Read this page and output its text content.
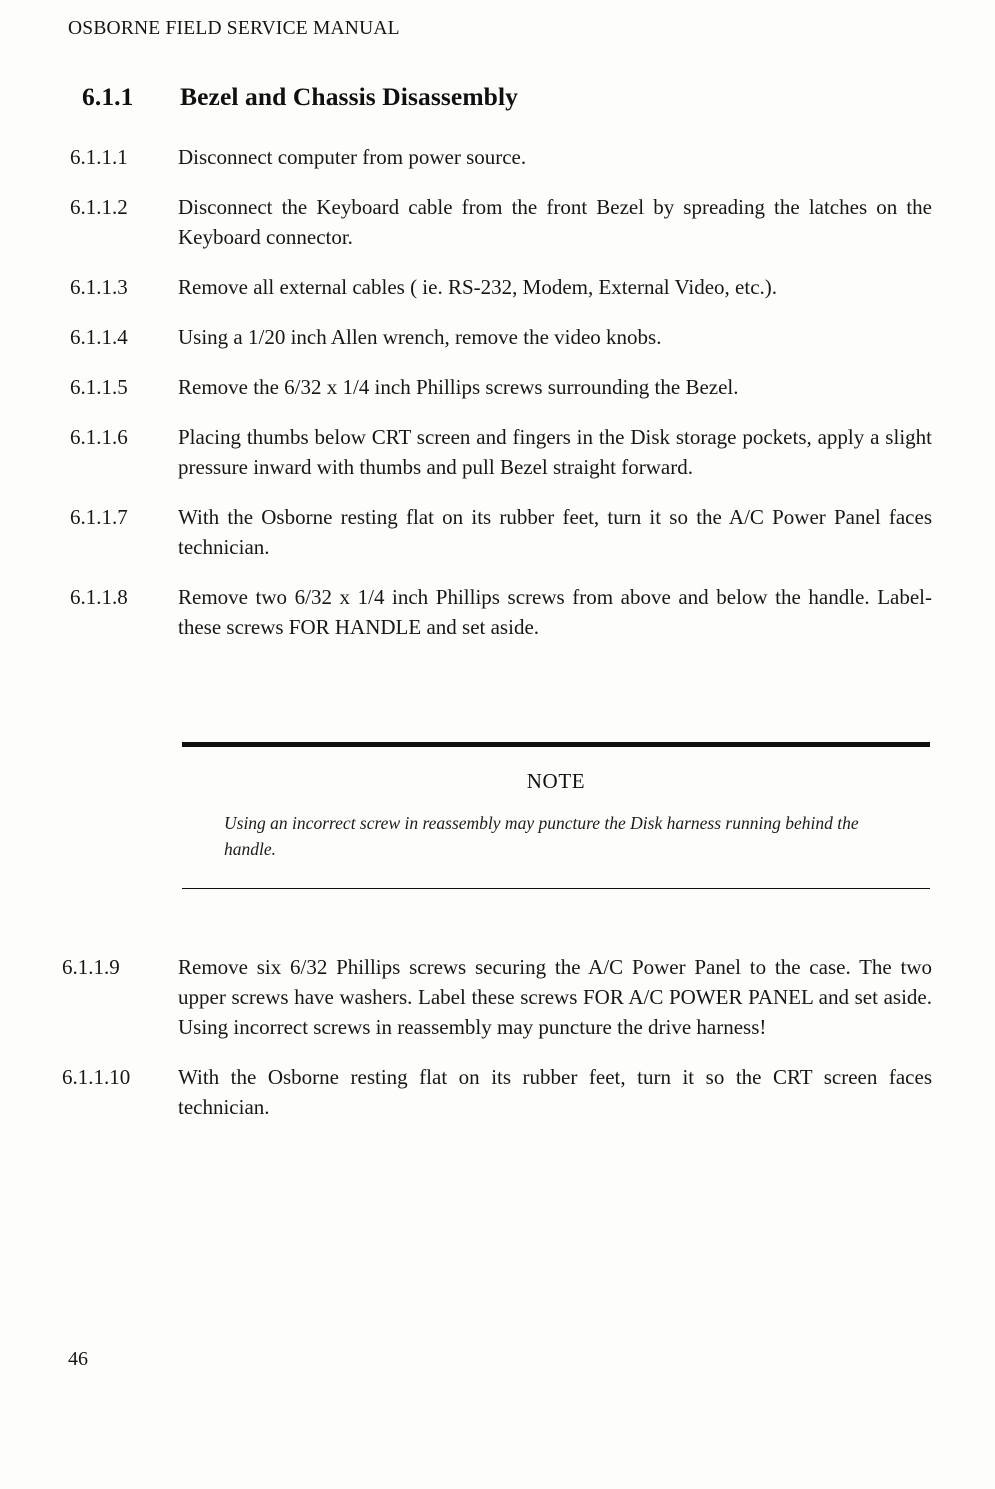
OSBORNE FIELD SERVICE MANUAL
6.1.1 Bezel and Chassis Disassembly
6.1.1.1	Disconnect computer from power source.
6.1.1.2	Disconnect the Keyboard cable from the front Bezel by spreading the latches on the Keyboard connector.
6.1.1.3	Remove all external cables ( ie. RS-232, Modem, External Video, etc.).
6.1.1.4	Using a 1/20 inch Allen wrench, remove the video knobs.
6.1.1.5	Remove the 6/32 x 1/4 inch Phillips screws surrounding the Bezel.
6.1.1.6	Placing thumbs below CRT screen and fingers in the Disk storage pockets, apply a slight pressure inward with thumbs and pull Bezel straight forward.
6.1.1.7	With the Osborne resting flat on its rubber feet, turn it so the A/C Power Panel faces technician.
6.1.1.8	Remove two 6/32 x 1/4 inch Phillips screws from above and below the handle. Label-these screws FOR HANDLE and set aside.
NOTE
Using an incorrect screw in reassembly may puncture the Disk harness running behind the handle.
6.1.1.9	Remove six 6/32 Phillips screws securing the A/C Power Panel to the case. The two upper screws have washers. Label these screws FOR A/C POWER PANEL and set aside. Using incorrect screws in reassembly may puncture the drive harness!
6.1.1.10	With the Osborne resting flat on its rubber feet, turn it so the CRT screen faces technician.
46
